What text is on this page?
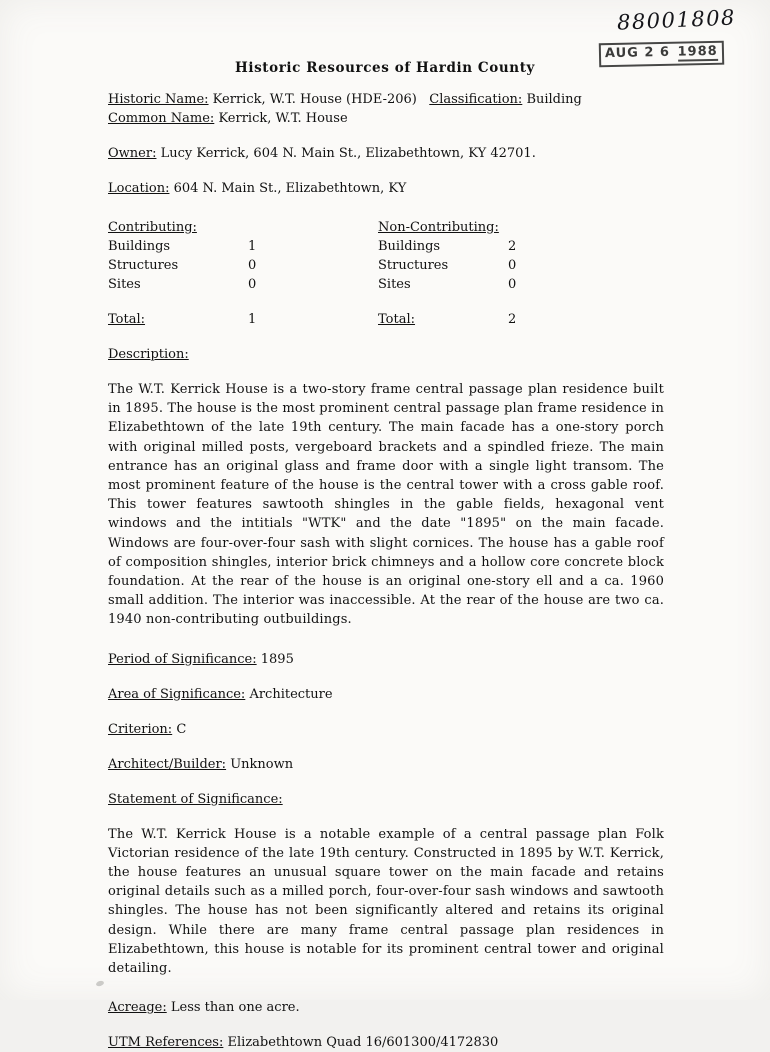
88001808
AUG 2 6 1988
Historic Resources of Hardin County
Historic Name: Kerrick, W.T. House (HDE-206) Classification: Building
Common Name: Kerrick, W.T. House
Owner: Lucy Kerrick, 604 N. Main St., Elizabethtown, KY 42701.
Location: 604 N. Main St., Elizabethtown, KY
Contributing:		Non-Contributing:	
Buildings	1	Buildings	2
Structures	0	Structures	0
Sites	0	Sites	0

Total:	1	Total:	2
Description:
The W.T. Kerrick House is a two-story frame central passage plan residence built in 1895. The house is the most prominent central passage plan frame residence in Elizabethtown of the late 19th century. The main facade has a one-story porch with original milled posts, vergeboard brackets and a spindled frieze. The main entrance has an original glass and frame door with a single light transom. The most prominent feature of the house is the central tower with a cross gable roof. This tower features sawtooth shingles in the gable fields, hexagonal vent windows and the intitials "WTK" and the date "1895" on the main facade. Windows are four-over-four sash with slight cornices. The house has a gable roof of composition shingles, interior brick chimneys and a hollow core concrete block foundation. At the rear of the house is an original one-story ell and a ca. 1960 small addition. The interior was inaccessible. At the rear of the house are two ca. 1940 non-contributing outbuildings.
Period of Significance: 1895
Area of Significance: Architecture
Criterion: C
Architect/Builder: Unknown
Statement of Significance:
The W.T. Kerrick House is a notable example of a central passage plan Folk Victorian residence of the late 19th century. Constructed in 1895 by W.T. Kerrick, the house features an unusual square tower on the main facade and retains original details such as a milled porch, four-over-four sash windows and sawtooth shingles. The house has not been significantly altered and retains its original design. While there are many frame central passage plan residences in Elizabethtown, this house is notable for its prominent central tower and original detailing.
Acreage: Less than one acre.
UTM References: Elizabethtown Quad 16/601300/4172830
